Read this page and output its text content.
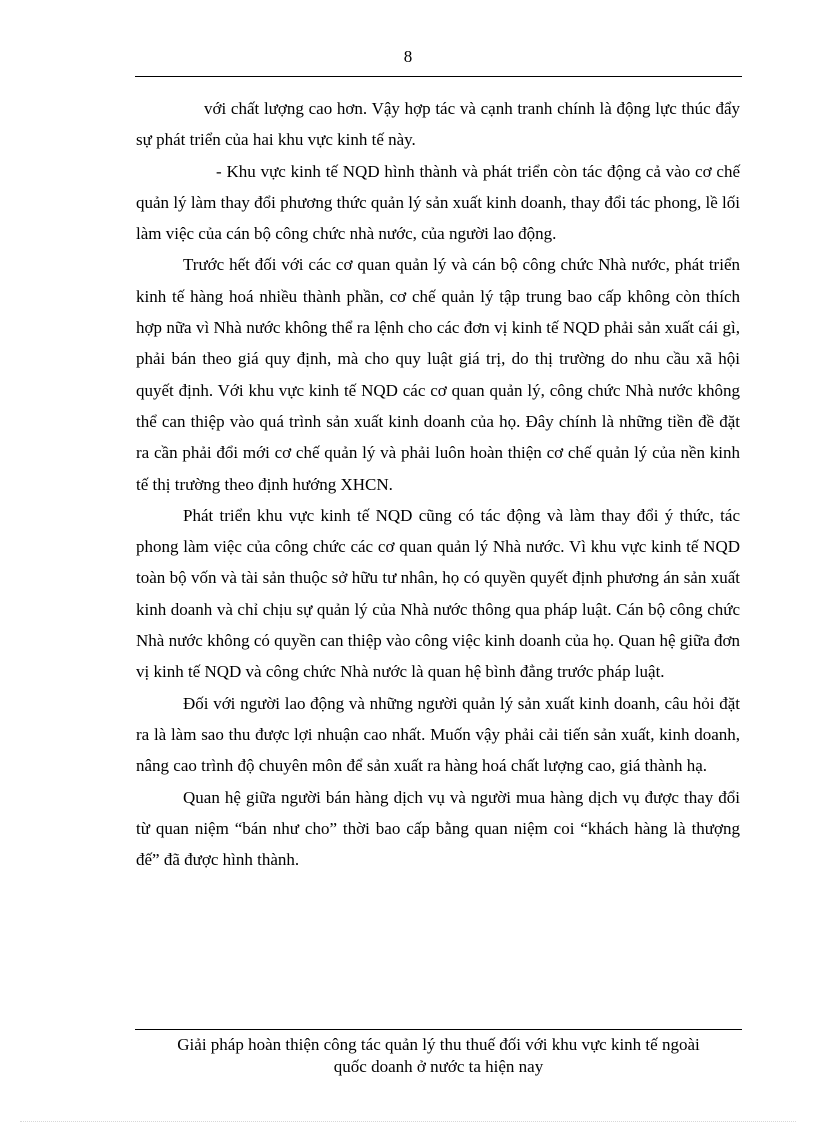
8

với chất lượng cao hơn. Vậy hợp tác và cạnh tranh chính là động lực thúc đẩy sự phát triển của hai khu vực kinh tế này.

- Khu vực kinh tế NQD hình thành và phát triển còn tác động cả vào cơ chế quản lý làm thay đổi phương thức quản lý sản xuất kinh doanh, thay đổi tác phong, lề lối làm việc của cán bộ công chức nhà nước, của người lao động.

Trước hết đối với các cơ quan quản lý và cán bộ công chức Nhà nước, phát triển kinh tế hàng hoá nhiều thành phần, cơ chế quản lý tập trung bao cấp không còn thích hợp nữa vì Nhà nước không thể ra lệnh cho các đơn vị kinh tế NQD phải sản xuất cái gì, phải bán theo giá quy định, mà cho quy luật giá trị, do thị trường do nhu cầu xã hội quyết định. Với khu vực kinh tế NQD các cơ quan quản lý, công chức Nhà nước không thể can thiệp vào quá trình sản xuất kinh doanh của họ. Đây chính là những tiền đề đặt ra cần phải đổi mới cơ chế quản lý và phải luôn hoàn thiện cơ chế quản lý của nền kinh tế thị trường theo định hướng XHCN.

Phát triển khu vực kinh tế NQD cũng có tác động và làm thay đổi ý thức, tác phong làm việc của công chức các cơ quan quản lý Nhà nước. Vì khu vực kinh tế NQD toàn bộ vốn và tài sản thuộc sở hữu tư nhân, họ có quyền quyết định phương án sản xuất kinh doanh và chỉ chịu sự quản lý của Nhà nước thông qua pháp luật. Cán bộ công chức Nhà nước không có quyền can thiệp vào công việc kinh doanh của họ. Quan hệ giữa đơn vị kinh tế NQD và công chức Nhà nước là quan hệ bình đẳng trước pháp luật.

Đối với người lao động và những người quản lý sản xuất kinh doanh, câu hỏi đặt ra là làm sao thu được lợi nhuận cao nhất. Muốn vậy phải cải tiến sản xuất, kinh doanh, nâng cao trình độ chuyên môn để sản xuất ra hàng hoá chất lượng cao, giá thành hạ.

Quan hệ giữa người bán hàng dịch vụ và người mua hàng dịch vụ được thay đổi từ quan niệm “bán như cho” thời bao cấp bằng quan niệm coi “khách hàng là thượng đế” đã được hình thành.

Giải pháp hoàn thiện công tác quản lý thu thuế đối với khu vực kinh tế ngoài
quốc doanh ở nước ta hiện nay
